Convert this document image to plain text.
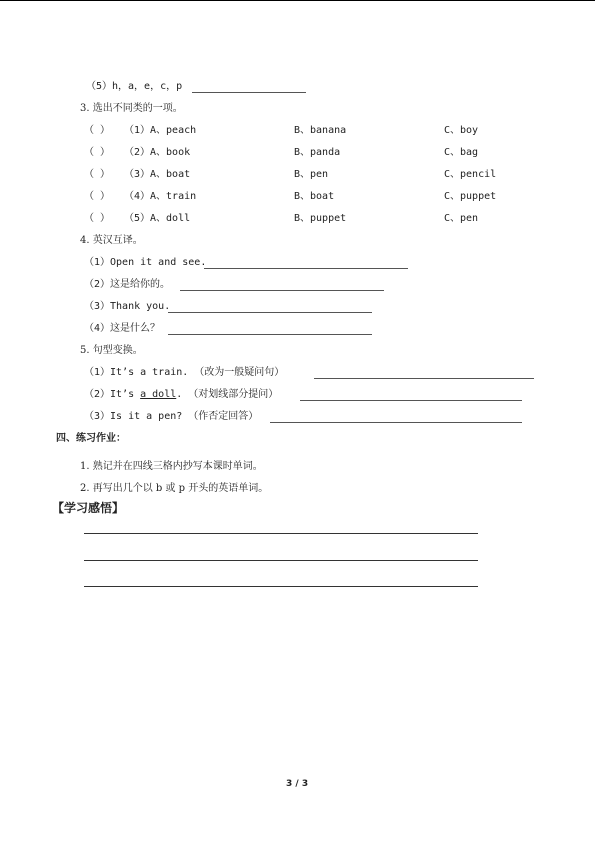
（5）h，a，e，c，p
3. 选出不同类的一项。
（ ） （1）A、peach	B、banana	C、boy
（ ） （2）A、book	B、panda	C、bag
（ ） （3）A、boat	B、pen	C、pencil
（ ） （4）A、train	B、boat	C、puppet
（ ） （5）A、doll	B、puppet	C、pen
4. 英汉互译。
（1）Open it and see.
（2）这是给你的。
（3）Thank you.
（4）这是什么？
5. 句型变换。
（1）It’s a train. （改为一般疑问句）
（2）It’s a doll. （对划线部分提问）
（3）Is it a pen? （作否定回答）
四、练习作业：
1. 熟记并在四线三格内抄写本课时单词。
2. 再写出几个以 b 或 p 开头的英语单词。
【学习感悟】
3 / 3
